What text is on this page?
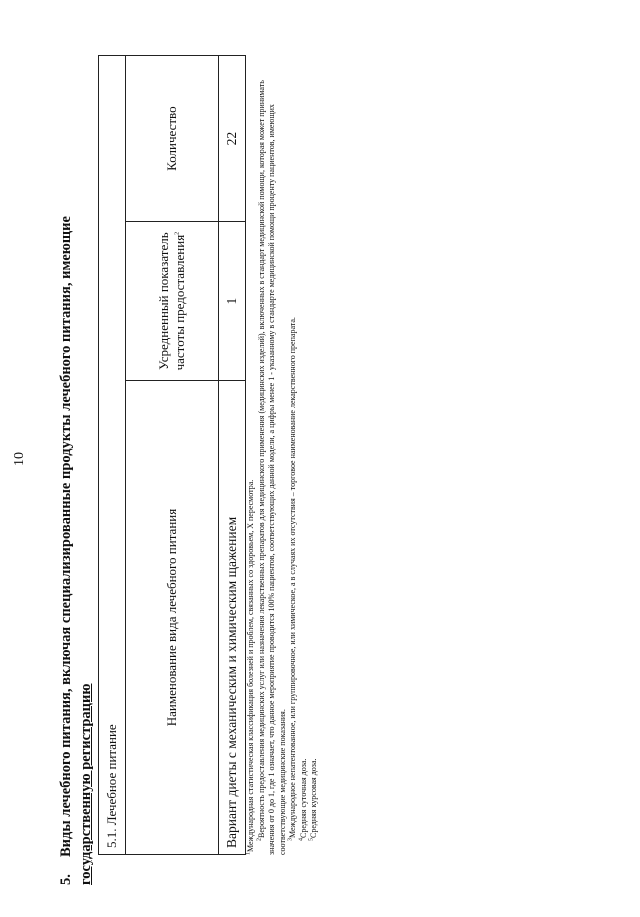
10
5.Виды лечебного питания, включая специализированные продукты лечебного питания, имеющие государственную регистрацию 5.1. Лечебное питание		
Наименование вида лечебного питания	Усредненный показатель частоты предоставления$^2$	Количество
Вариант диеты с механическим и химическим щажением	1	22

$^1$Международная статистическая классификация болезней и проблем, связанных со здоровьем, X пересмотра. $^2$Вероятность предоставления медицинских услуг или назначения лекарственных препаратов для медицинского применения (медицинских изделий), включенных в стандарт медицинской помощи, которая может принимать значения от 0 до 1, где 1 означает, что данное мероприятие проводится 100% пациентов, соответствующих данной модели, а цифры менее 1 - указанному в стандарте медицинской помощи проценту пациентов, имеющих соответствующие медицинские показания. $^3$Международное непатентованное, или группировочное, или химическое, а в случаях их отсутствия – торговое наименование лекарственного препарата.

$^4$Средняя суточная доза.

$^5$Средняя курсовая доза.
